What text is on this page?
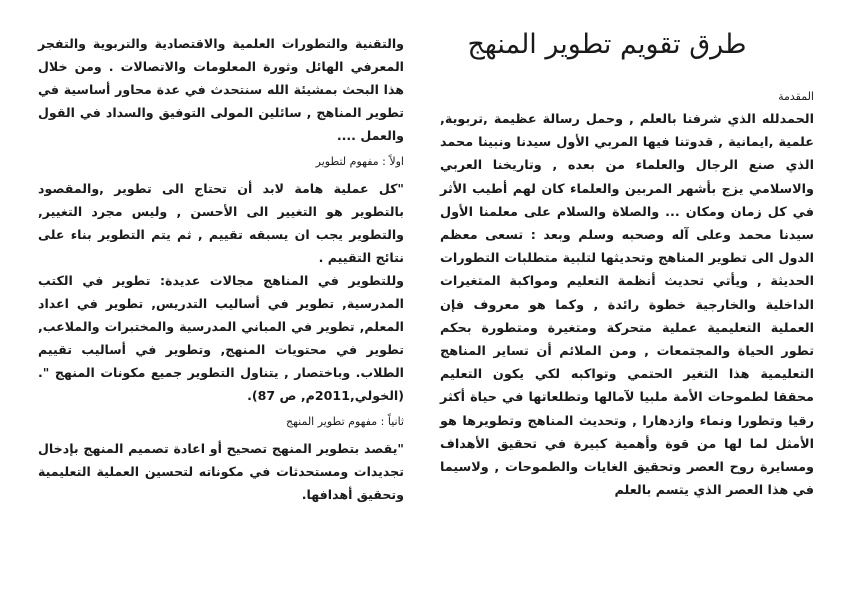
طرق تقويم تطوير المنهج

المقدمة

الحمدلله الذي شرفنا بالعلم , وحمل رسالة عظيمة ,تربوية, علمية ,ايمانية , قدوتنا فيها المربي الأول سيدنا ونبينا محمد الذي صنع الرجال والعلماء من بعده , وتاريخنا العربي والاسلامي يزج بأشهر المربين والعلماء كان لهم أطيب الأثر في كل زمان ومكان ... والصلاة والسلام على معلمنا الأول سيدنا محمد وعلى آله وصحبه وسلم وبعد : تسعى معظم الدول الى تطوير المناهج وتحديثها لتلبية متطلبات التطورات الحديثة , ويأتي تحديث أنظمة التعليم ومواكبة المتغيرات الداخلية والخارجية خطوة رائدة , وكما هو معروف فإن العملية التعليمية عملية متحركة ومتغيرة ومتطورة بحكم تطور الحياة والمجتمعات , ومن الملائم أن تساير المناهج التعليمية هذا التغير الحتمي وتواكبه لكي يكون التعليم محققا لطموحات الأمة ملبيا لآمالها وتطلعاتها في حياة أكثر رقيا وتطورا ونماء وازدهارا , وتحديث المناهج وتطويرها هو الأمثل لما لها من قوة وأهمية كبيرة في تحقيق الأهداف ومسايرة روح العصر وتحقيق الغايات والطموحات , ولاسيما في هذا العصر الذي يتسم بالعلم

والتقنية والتطورات العلمية والاقتصادية والتربوية والتفجر المعرفي الهائل وثورة المعلومات والاتصالات . ومن خلال هذا البحث بمشيئة الله سنتحدث في عدة محاور أساسية في تطوير المناهج , سائلين المولى التوفيق والسداد في القول والعمل ....

اولاً : مفهوم لتطوير

"كل عملية هامة لابد أن تحتاج الى تطوير ,والمقصود بالتطوير هو التغيير الى الأحسن , وليس مجرد التغيير, والتطوير يجب ان يسبقه تقييم , ثم يتم التطوير بناء على نتائج التقييم .

وللتطوير في المناهج مجالات عديدة: تطوير في الكتب المدرسية, تطوير في أساليب التدريس, تطوير في اعداد المعلم, تطوير في المباني المدرسية والمختبرات والملاعب, تطوير في محتويات المنهج, وتطوير في أساليب تقييم الطلاب. وباختصار , يتناول التطوير جميع مكونات المنهج ". (الخولي,2011م, ص 87).

ثانياً : مفهوم تطوير المنهج

"يقصد بتطوير المنهج تصحيح أو اعادة تصميم المنهج بإدخال تجديدات ومستحدثات في مكوناته لتحسين العملية التعليمية وتحقيق أهدافها.
